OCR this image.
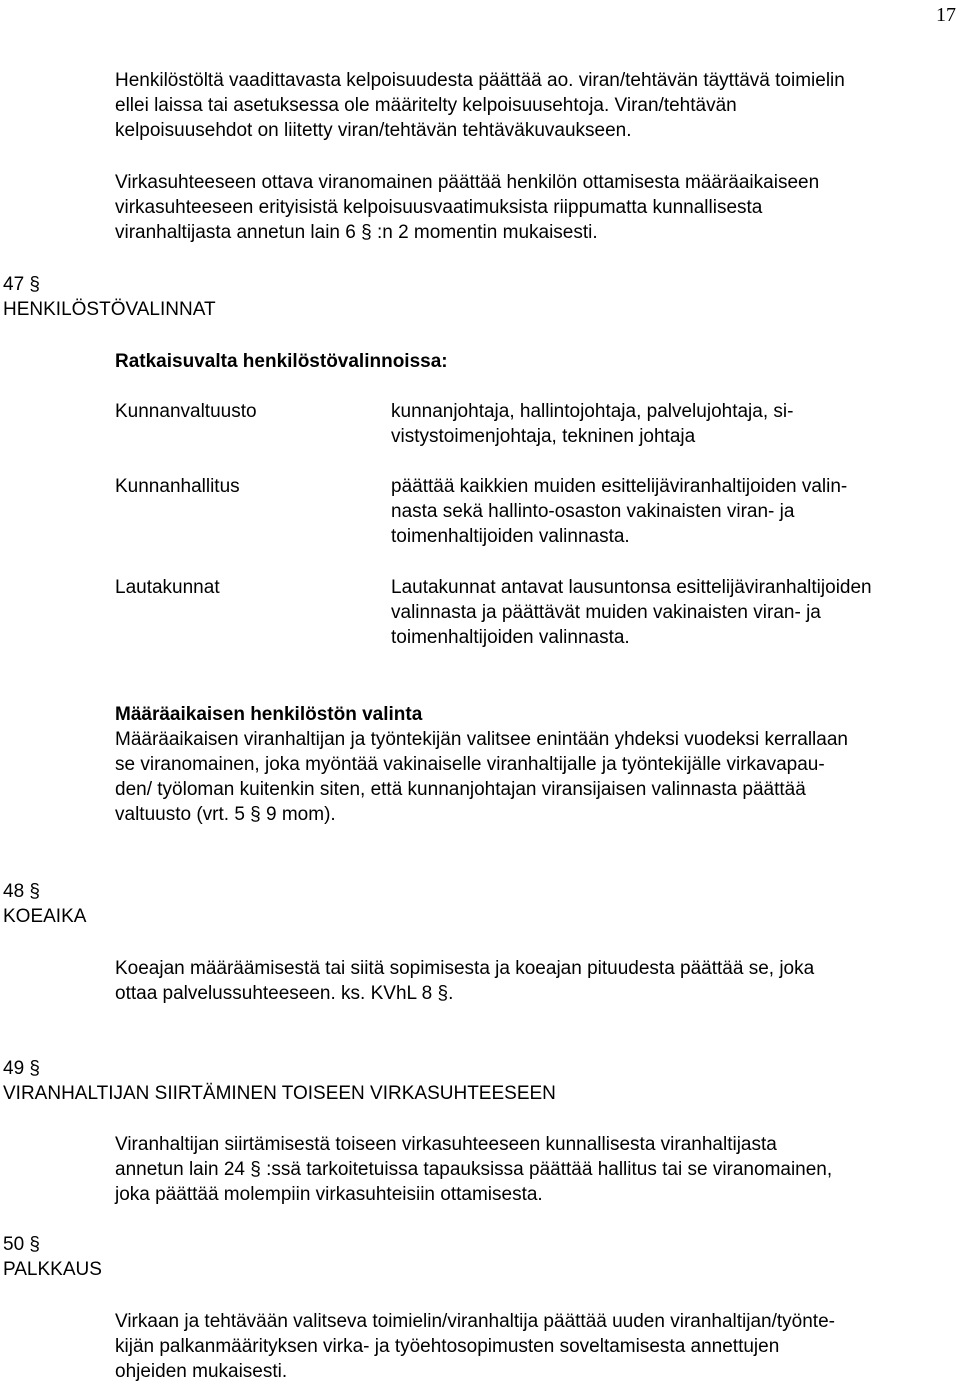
17
Henkilöstöltä vaadittavasta kelpoisuudesta päättää ao. viran/tehtävän täyttävä toimielin
ellei laissa tai asetuksessa ole määritelty kelpoisuusehtoja. Viran/tehtävän
kelpoisuusehdot on liitetty viran/tehtävän tehtäväkuvaukseen.
Virkasuhteeseen ottava viranomainen päättää henkilön ottamisesta määräaikaiseen
virkasuhteeseen erityisistä kelpoisuusvaatimuksista riippumatta kunnallisesta
viranhaltijasta annetun lain 6 § :n 2 momentin mukaisesti.
47 §
HENKILÖSTÖVALINNAT
Ratkaisuvalta henkilöstövalinnoissa:
Kunnanvaltuusto	kunnanjohtaja, hallintojohtaja, palvelujohtaja, si-
vistystoimenjohtaja, tekninen johtaja
Kunnanhallitus	päättää kaikkien muiden esittelijäviranhaltijoiden valin-
nasta sekä hallinto-osaston vakinaisten viran- ja
toimenhaltijoiden valinnasta.
Lautakunnat	Lautakunnat antavat lausuntonsa esittelijäviranhaltijoiden
valinnasta ja päättävät muiden vakinaisten viran- ja
toimenhaltijoiden valinnasta.
Määräaikaisen henkilöstön valinta
Määräaikaisen viranhaltijan ja työntekijän valitsee enintään yhdeksi vuodeksi kerrallaan
se viranomainen, joka myöntää vakinaiselle viranhaltijalle ja työntekijälle virkavapau-
den/ työloman kuitenkin siten, että kunnanjohtajan viransijaisen valinnasta päättää
valtuusto (vrt. 5 § 9 mom).
48 §
KOEAIKA
Koeajan määräämisestä tai siitä sopimisesta ja koeajan pituudesta päättää se, joka
ottaa palvelussuhteeseen. ks. KVhL 8 §.
49 §
VIRANHALTIJAN SIIRTÄMINEN TOISEEN VIRKASUHTEESEEN
Viranhaltijan siirtämisestä toiseen virkasuhteeseen kunnallisesta viranhaltijasta
annetun lain 24 § :ssä tarkoitetuissa tapauksissa päättää hallitus tai se viranomainen,
joka päättää molempiin virkasuhteisiin ottamisesta.
50 §
PALKKAUS
Virkaan ja tehtävään valitseva toimielin/viranhaltija päättää uuden viranhaltijan/työnte-
kijän palkanmäärityksen virka- ja työehtosopimusten soveltamisesta annettujen
ohjeiden mukaisesti.
